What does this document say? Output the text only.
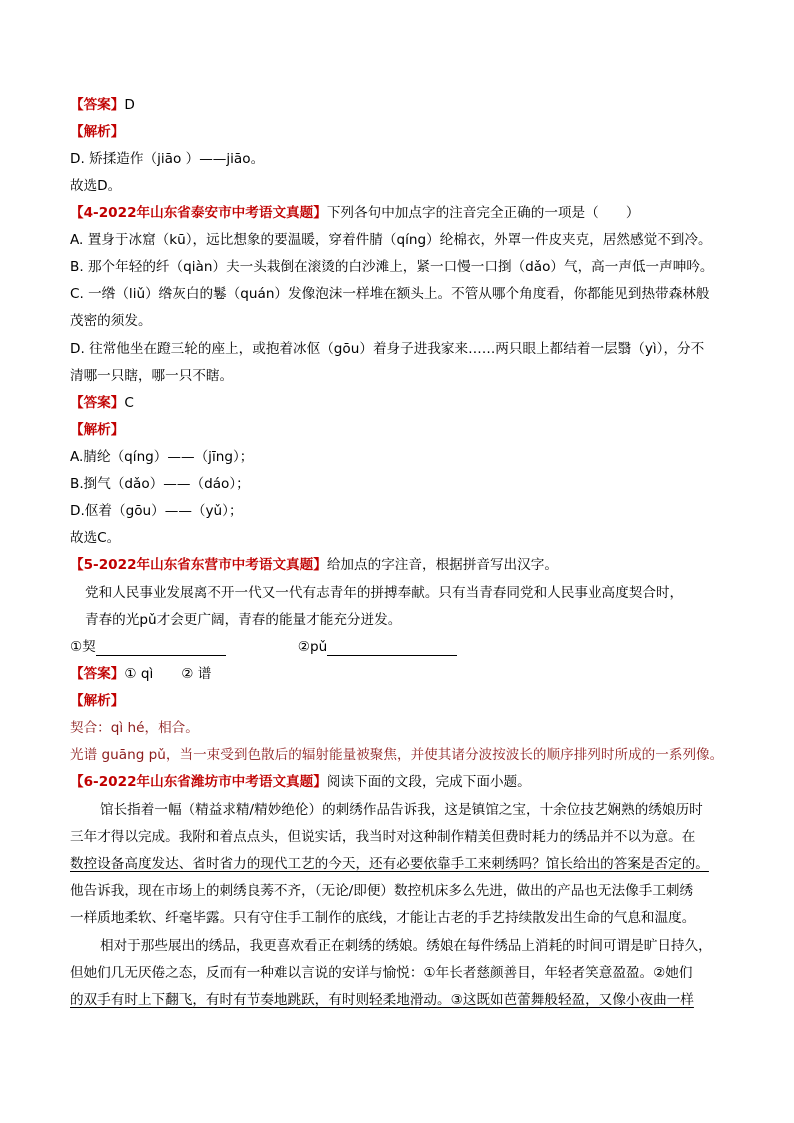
【答案】D
【解析】
D. 矫揉造作（jiāo ）——jiāo。
故选D。
【4-2022年山东省泰安市中考语文真题】下列各句中加点字的注音完全正确的一项是（　　）
A. 置身于冰窟（kū），远比想象的要温暖，穿着件腈（qíng）纶棉衣，外罩一件皮夹克，居然感觉不到冷。
B. 那个年轻的纤（qiàn）夫一头栽倒在滚烫的白沙滩上，紧一口慢一口捯（dǎo）气，高一声低一声呻吟。
C. 一绺（liǔ）绺灰白的鬈（quán）发像泡沫一样堆在额头上。不管从哪个角度看，你都能见到热带森林般
茂密的须发。
D. 往常他坐在蹬三轮的座上，或抱着冰伛（gōu）着身子进我家来……两只眼上都结着一层翳（yì），分不
清哪一只瞎，哪一只不瞎。
【答案】C
【解析】
A.腈纶（qíng）——（jīng）；
B.捯气（dǎo）——（dáo）；
D.伛着（gōu）——（yǔ）；
故选C。
【5-2022年山东省东营市中考语文真题】给加点的字注音，根据拼音写出汉字。
党和人民事业发展离不开一代又一代有志青年的拼搏奉献。只有当青春同党和人民事业高度契合时，
青春的光pǔ才会更广阔，青春的能量才能充分迸发。
①契	②pǔ
【答案】① qì ② 谱
【解析】
契合：qì hé，相合。
光谱 guāng pǔ，当一束受到色散后的辐射能量被聚焦，并使其诸分波按波长的顺序排列时所成的一系列像。
【6-2022年山东省潍坊市中考语文真题】阅读下面的文段，完成下面小题。
馆长指着一幅（精益求精/精妙绝伦）的刺绣作品告诉我，这是镇馆之宝，十余位技艺娴熟的绣娘历时
三年才得以完成。我附和着点点头，但说实话，我当时对这种制作精美但费时耗力的绣品并不以为意。在
数控设备高度发达、省时省力的现代工艺的今天，还有必要依靠手工来刺绣吗？馆长给出的答案是否定的。
他告诉我，现在市场上的刺绣良莠不齐，（无论/即便）数控机床多么先进，做出的产品也无法像手工刺绣
一样质地柔软、纤毫毕露。只有守住手工制作的底线，才能让古老的手艺持续散发出生命的气息和温度。
相对于那些展出的绣品，我更喜欢看正在刺绣的绣娘。绣娘在每件绣品上消耗的时间可谓是旷日持久，
但她们几无厌倦之态，反而有一种难以言说的安详与愉悦：①年长者慈颜善目，年轻者笑意盈盈。②她们
的双手有时上下翻飞，有时有节奏地跳跃，有时则轻柔地滑动。③这既如芭蕾舞般轻盈，又像小夜曲一样
